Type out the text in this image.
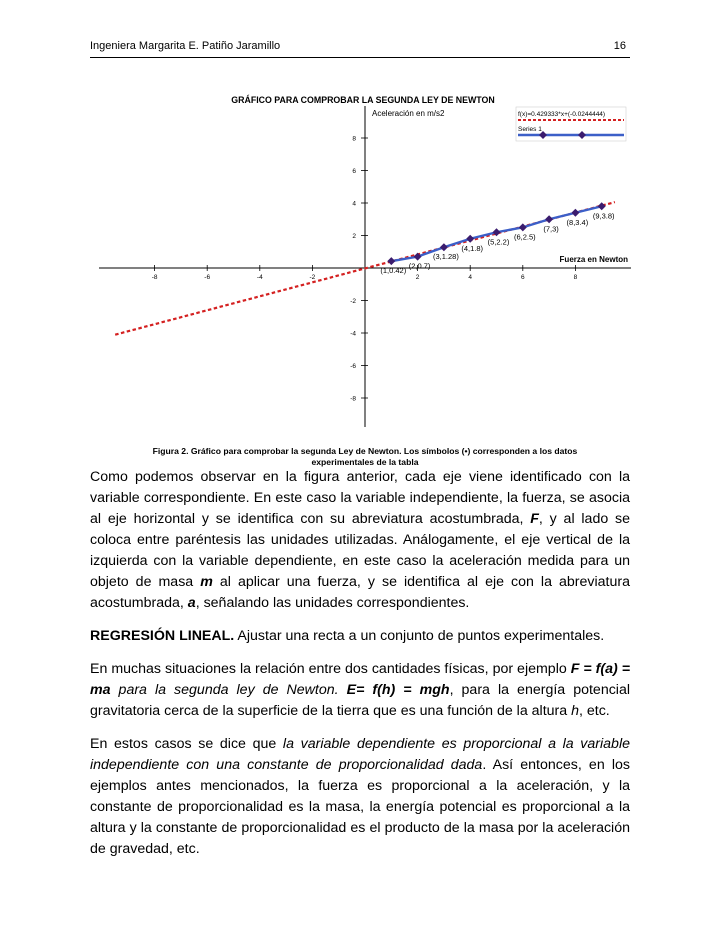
Ingeniera Margarita E. Patiño Jaramillo	16
GRÁFICO PARA COMPROBAR LA SEGUNDA LEY DE NEWTON
Aceleración en m/s2
Fuerza en Newton
-8	-6	-4	-2	2	4	6	8
-8
-6
-4
-2
2
4
6
8
(1,0.42)
(2,0.7)
(3,1.28)
(4,1.8)
(5,2.2)
(6,2.5)
(7,3)
(8,3.4)
(9,3.8)
f(x)=0.429333*x+(-0.0244444)
Series 1
Figura 2. Gráfico para comprobar la segunda Ley de Newton. Los símbolos (•) corresponden a los datos
experimentales de la tabla

Como podemos observar en la figura anterior, cada eje viene identificado con la variable correspondiente. En este caso la variable independiente, la fuerza, se asocia al eje horizontal y se identifica con su abreviatura acostumbrada, F, y al lado se coloca entre paréntesis las unidades utilizadas. Análogamente, el eje vertical de la izquierda con la variable dependiente, en este caso la aceleración medida para un objeto de masa m al aplicar una fuerza, y se identifica al eje con la abreviatura acostumbrada, a, señalando las unidades correspondientes.

REGRESIÓN LINEAL. Ajustar una recta a un conjunto de puntos experimentales.

En muchas situaciones la relación entre dos cantidades físicas, por ejemplo F = f(a) = ma para la segunda ley de Newton. E= f(h) = mgh, para la energía potencial gravitatoria cerca de la superficie de la tierra que es una función de la altura h, etc.

En estos casos se dice que la variable dependiente es proporcional a la variable independiente con una constante de proporcionalidad dada. Así entonces, en los ejemplos antes mencionados, la fuerza es proporcional a la aceleración, y la constante de proporcionalidad es la masa, la energía potencial es proporcional a la altura y la constante de proporcionalidad es el producto de la masa por la aceleración de gravedad, etc.
